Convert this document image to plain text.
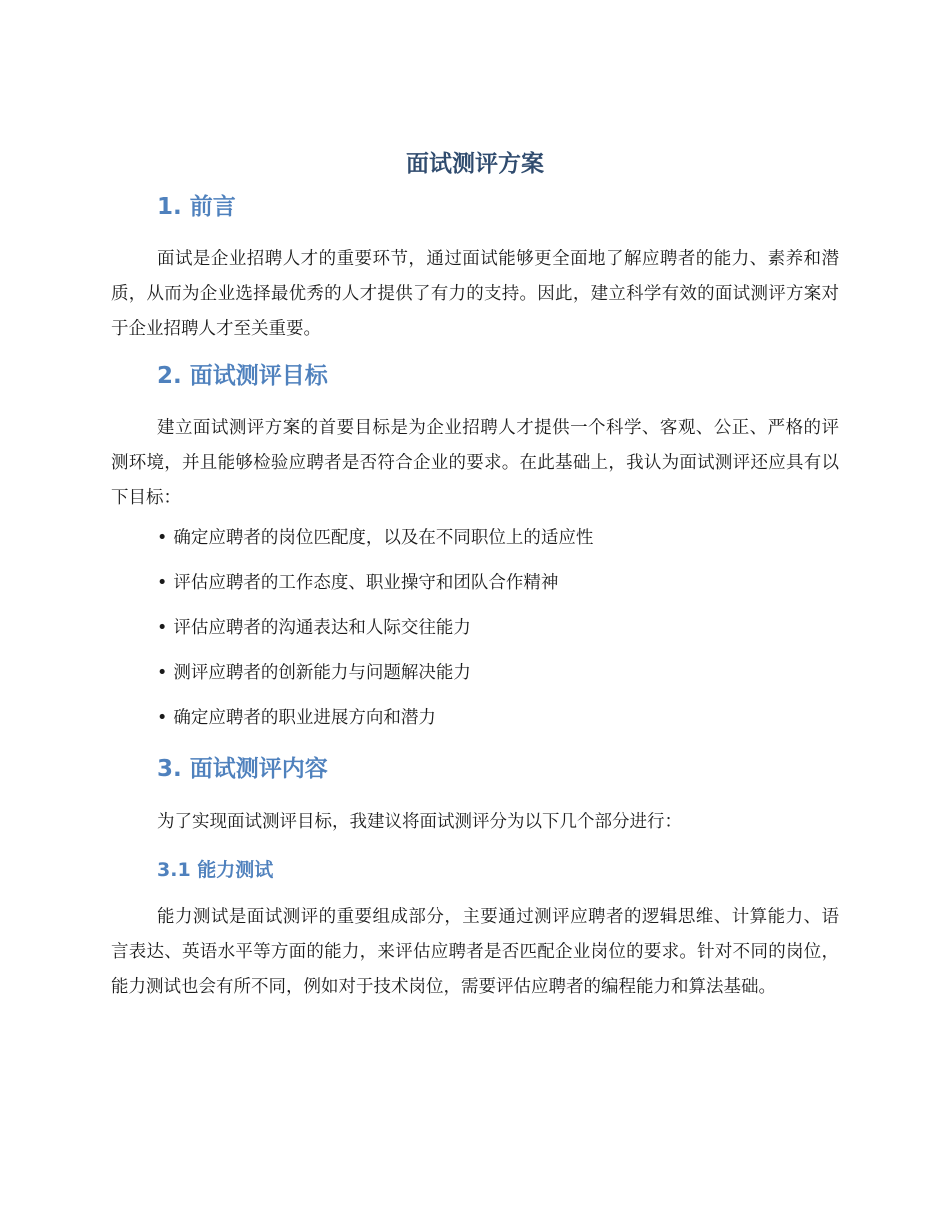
面试测评方案
1. 前言

面试是企业招聘人才的重要环节，通过面试能够更全面地了解应聘者的能力、素养和潜质，从而为企业选择最优秀的人才提供了有力的支持。因此，建立科学有效的面试测评方案对于企业招聘人才至关重要。

2. 面试测评目标

建立面试测评方案的首要目标是为企业招聘人才提供一个科学、客观、公正、严格的评测环境，并且能够检验应聘者是否符合企业的要求。在此基础上，我认为面试测评还应具有以下目标：

• 确定应聘者的岗位匹配度，以及在不同职位上的适应性
• 评估应聘者的工作态度、职业操守和团队合作精神
• 评估应聘者的沟通表达和人际交往能力
• 测评应聘者的创新能力与问题解决能力
• 确定应聘者的职业进展方向和潜力
3. 面试测评内容

为了实现面试测评目标，我建议将面试测评分为以下几个部分进行：

3.1 能力测试

能力测试是面试测评的重要组成部分，主要通过测评应聘者的逻辑思维、计算能力、语言表达、英语水平等方面的能力，来评估应聘者是否匹配企业岗位的要求。针对不同的岗位，能力测试也会有所不同，例如对于技术岗位，需要评估应聘者的编程能力和算法基础。
